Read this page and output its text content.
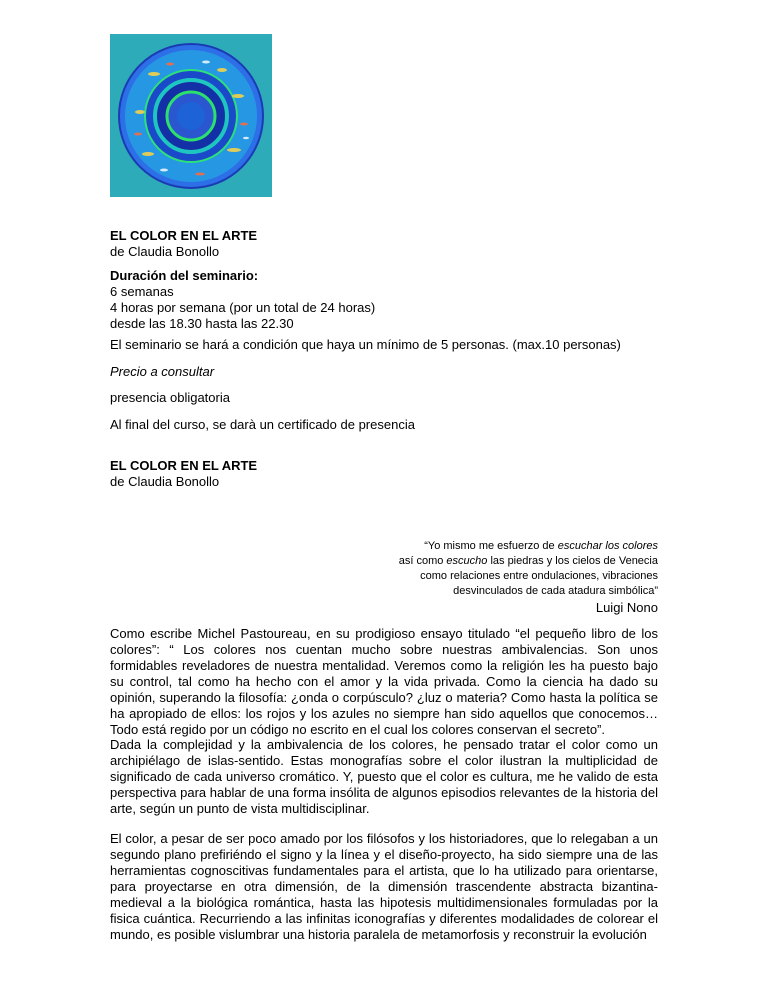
EL COLOR EN EL ARTE

de Claudia Bonollo

Duración del seminario:

6 semanas

4 horas por semana (por un total de 24 horas)

desde las 18.30 hasta las 22.30

El seminario se hará a condición que haya un mínimo de 5 personas. (max.10 personas)

Precio a consultar

presencia obligatoria

Al final del curso, se darà un certificado de presencia

EL COLOR EN EL ARTE

de Claudia Bonollo

“Yo mismo me esfuerzo de escuchar los colores

así como escucho las piedras y los cielos de Venecia

como relaciones entre ondulaciones, vibraciones

desvinculados de cada atadura simbólica”

Luigi Nono

Como escribe Michel Pastoureau, en su prodigioso ensayo titulado “el pequeño libro de los colores”: “ Los colores nos cuentan mucho sobre nuestras ambivalencias. Son unos formidables reveladores de nuestra mentalidad. Veremos como la religión les ha puesto bajo su control, tal como ha hecho con el amor y la vida privada. Como la ciencia ha dado su opinión, superando la filosofía: ¿onda o corpúsculo? ¿luz o materia? Como hasta la política se ha apropiado de ellos: los rojos y los azules no siempre han sido aquellos que conocemos… Todo está regido por un código no escrito en el cual los colores conservan el secreto”.

Dada la complejidad y la ambivalencia de los colores, he pensado tratar el color como un archipiélago de islas-sentido. Estas monografías sobre el color ilustran la multiplicidad de significado de cada universo cromático. Y, puesto que el color es cultura, me he valido de esta perspectiva para hablar de una forma insólita de algunos episodios relevantes de la historia del arte, según un punto de vista multidisciplinar.

El color, a pesar de ser poco amado por los filósofos y los historiadores, que lo relegaban a un segundo plano prefiriéndo el signo y la línea y el diseño-proyecto, ha sido siempre una de las herramientas cognoscitivas fundamentales para el artista, que lo ha utilizado para orientarse, para proyectarse en otra dimensión, de la dimensión trascendente abstracta bizantina-medieval a la biológica romántica, hasta las hipotesis multidimensionales formuladas por la fisica cuántica. Recurriendo a las infinitas iconografías y diferentes modalidades de colorear el mundo, es posible vislumbrar una historia paralela de metamorfosis y reconstruir la evolución
